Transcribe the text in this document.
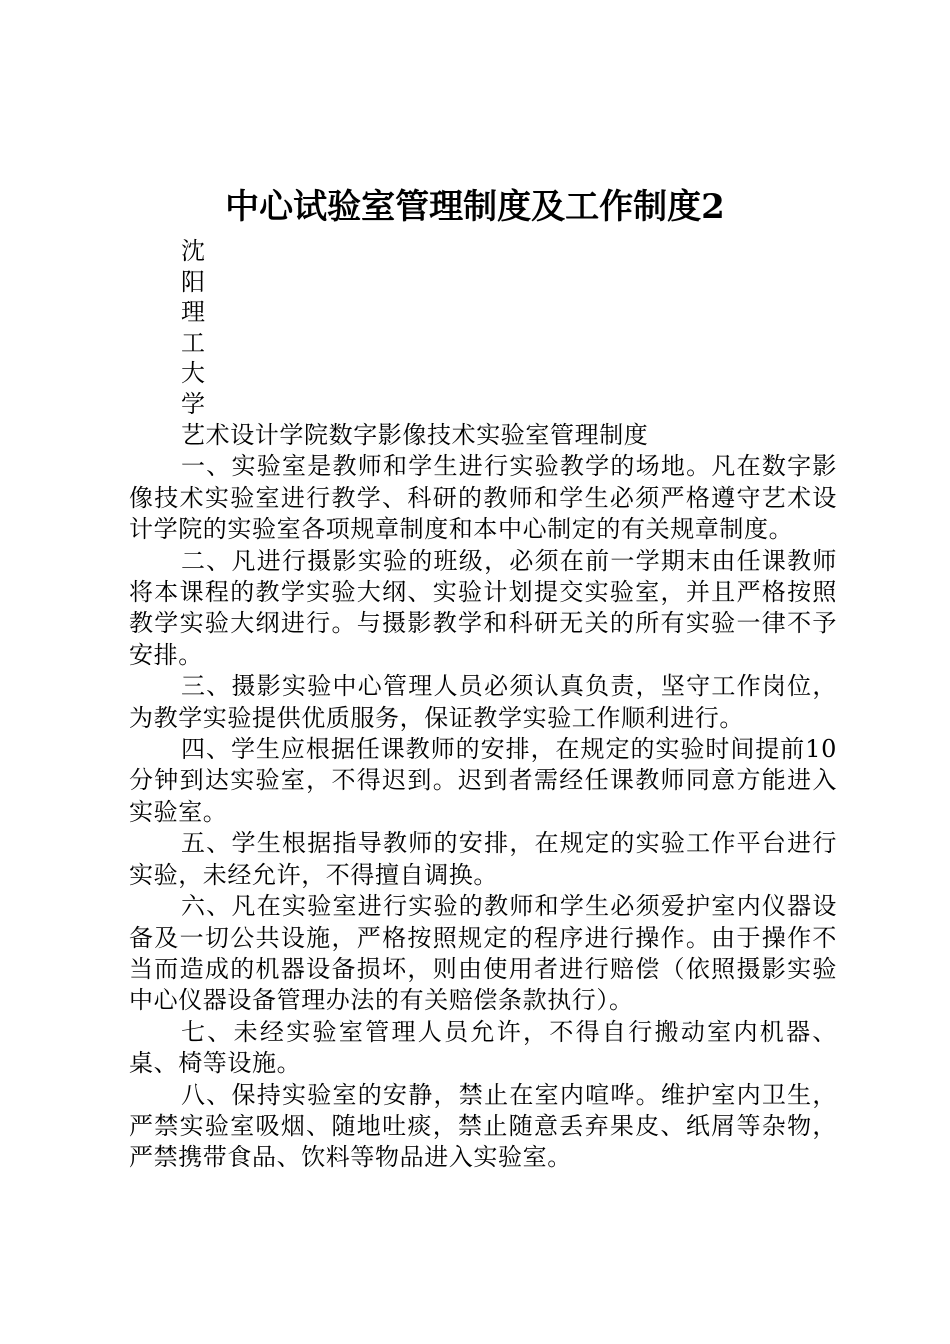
中心试验室管理制度及工作制度2
沈
阳
理
工
大
学

艺术设计学院数字影像技术实验室管理制度

一、实验室是教师和学生进行实验教学的场地。凡在数字影像技术实验室进行教学、科研的教师和学生必须严格遵守艺术设计学院的实验室各项规章制度和本中心制定的有关规章制度。

二、凡进行摄影实验的班级，必须在前一学期末由任课教师将本课程的教学实验大纲、实验计划提交实验室，并且严格按照教学实验大纲进行。与摄影教学和科研无关的所有实验一律不予安排。

三、摄影实验中心管理人员必须认真负责，坚守工作岗位，为教学实验提供优质服务，保证教学实验工作顺利进行。

四、学生应根据任课教师的安排，在规定的实验时间提前10分钟到达实验室，不得迟到。迟到者需经任课教师同意方能进入实验室。

五、学生根据指导教师的安排，在规定的实验工作平台进行实验，未经允许，不得擅自调换。

六、凡在实验室进行实验的教师和学生必须爱护室内仪器设备及一切公共设施，严格按照规定的程序进行操作。由于操作不当而造成的机器设备损坏，则由使用者进行赔偿（依照摄影实验中心仪器设备管理办法的有关赔偿条款执行）。

七、未经实验室管理人员允许，不得自行搬动室内机器、桌、椅等设施。

八、保持实验室的安静，禁止在室内喧哗。维护室内卫生，严禁实验室吸烟、随地吐痰，禁止随意丢弃果皮、纸屑等杂物，严禁携带食品、饮料等物品进入实验室。
